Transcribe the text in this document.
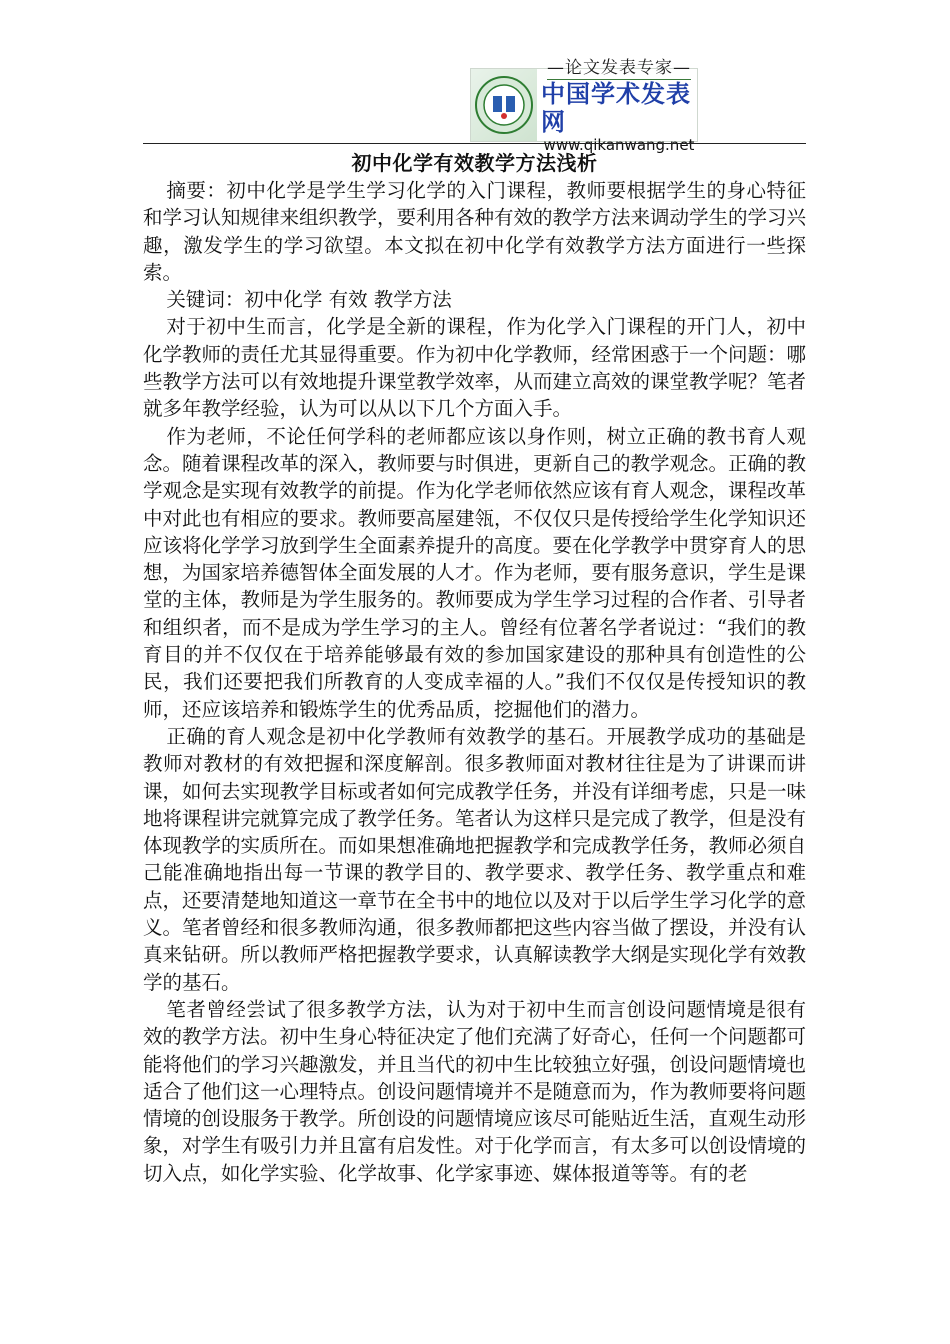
—论文发表专家—
中国学术发表网
www.qikanwang.net
初中化学有效教学方法浅析

摘要：初中化学是学生学习化学的入门课程，教师要根据学生的身心特征和学习认知规律来组织教学，要利用各种有效的教学方法来调动学生的学习兴趣，激发学生的学习欲望。本文拟在初中化学有效教学方法方面进行一些探索。

关键词：初中化学 有效 教学方法

对于初中生而言，化学是全新的课程，作为化学入门课程的开门人，初中化学教师的责任尤其显得重要。作为初中化学教师，经常困惑于一个问题：哪些教学方法可以有效地提升课堂教学效率，从而建立高效的课堂教学呢？笔者就多年教学经验，认为可以从以下几个方面入手。

作为老师，不论任何学科的老师都应该以身作则，树立正确的教书育人观念。随着课程改革的深入，教师要与时俱进，更新自己的教学观念。正确的教学观念是实现有效教学的前提。作为化学老师依然应该有育人观念，课程改革中对此也有相应的要求。教师要高屋建瓴，不仅仅只是传授给学生化学知识还应该将化学学习放到学生全面素养提升的高度。要在化学教学中贯穿育人的思想，为国家培养德智体全面发展的人才。作为老师，要有服务意识，学生是课堂的主体，教师是为学生服务的。教师要成为学生学习过程的合作者、引导者和组织者，而不是成为学生学习的主人。曾经有位著名学者说过：“我们的教育目的并不仅仅在于培养能够最有效的参加国家建设的那种具有创造性的公民，我们还要把我们所教育的人变成幸福的人。”我们不仅仅是传授知识的教师，还应该培养和锻炼学生的优秀品质，挖掘他们的潜力。

正确的育人观念是初中化学教师有效教学的基石。开展教学成功的基础是教师对教材的有效把握和深度解剖。很多教师面对教材往往是为了讲课而讲课，如何去实现教学目标或者如何完成教学任务，并没有详细考虑，只是一味地将课程讲完就算完成了教学任务。笔者认为这样只是完成了教学，但是没有体现教学的实质所在。而如果想准确地把握教学和完成教学任务，教师必须自己能准确地指出每一节课的教学目的、教学要求、教学任务、教学重点和难点，还要清楚地知道这一章节在全书中的地位以及对于以后学生学习化学的意义。笔者曾经和很多教师沟通，很多教师都把这些内容当做了摆设，并没有认真来钻研。所以教师严格把握教学要求，认真解读教学大纲是实现化学有效教学的基石。

笔者曾经尝试了很多教学方法，认为对于初中生而言创设问题情境是很有效的教学方法。初中生身心特征决定了他们充满了好奇心，任何一个问题都可能将他们的学习兴趣激发，并且当代的初中生比较独立好强，创设问题情境也适合了他们这一心理特点。创设问题情境并不是随意而为，作为教师要将问题情境的创设服务于教学。所创设的问题情境应该尽可能贴近生活，直观生动形象，对学生有吸引力并且富有启发性。对于化学而言，有太多可以创设情境的切入点，如化学实验、化学故事、化学家事迹、媒体报道等等。有的老
